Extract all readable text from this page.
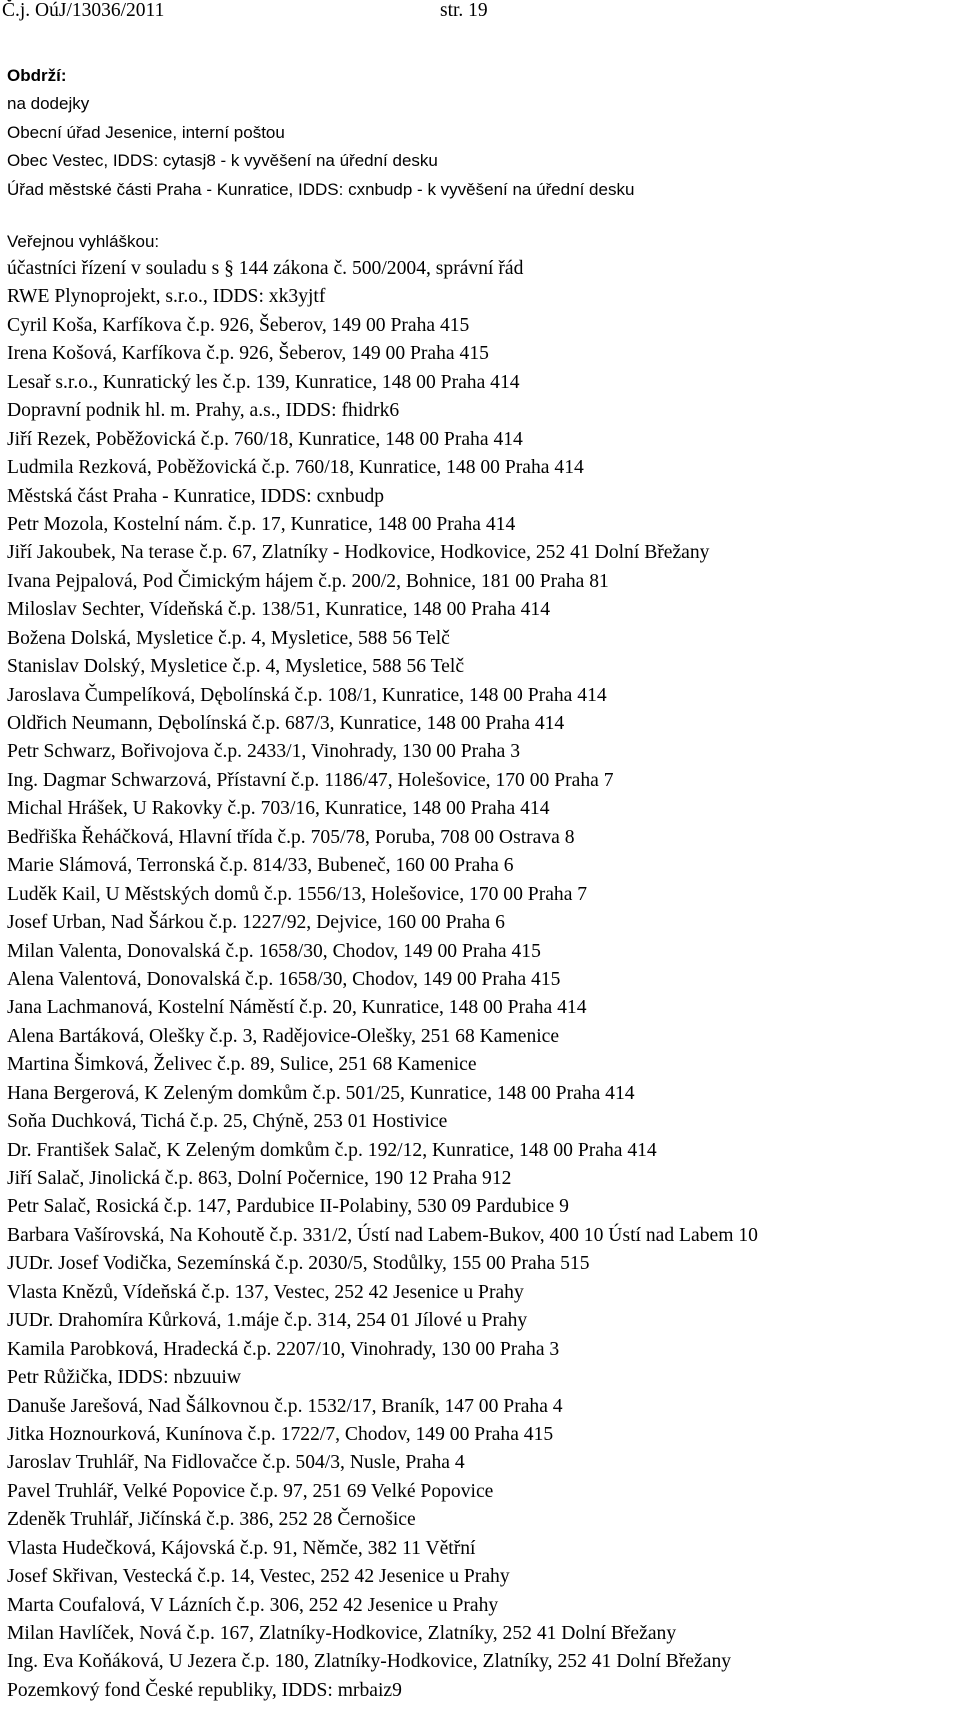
Č.j. OúJ/13036/2011	str. 19
Obdrží:
na dodejky
Obecní úřad Jesenice, interní poštou
Obec Vestec, IDDS: cytasj8 - k vyvěšení na úřední desku
Úřad městské části Praha - Kunratice, IDDS: cxnbudp - k vyvěšení na úřední desku
Veřejnou vyhláškou:
účastníci řízení v souladu s § 144 zákona č. 500/2004, správní řád
RWE Plynoprojekt, s.r.o., IDDS: xk3yjtf
Cyril Koša, Karfíkova č.p. 926, Šeberov, 149 00 Praha 415
Irena Košová, Karfíkova č.p. 926, Šeberov, 149 00 Praha 415
Lesař s.r.o., Kunratický les č.p. 139, Kunratice, 148 00 Praha 414
Dopravní podnik hl. m. Prahy, a.s., IDDS: fhidrk6
Jiří Rezek, Poběžovická č.p. 760/18, Kunratice, 148 00 Praha 414
Ludmila Rezková, Poběžovická č.p. 760/18, Kunratice, 148 00 Praha 414
Městská část Praha - Kunratice, IDDS: cxnbudp
Petr Mozola, Kostelní nám. č.p. 17, Kunratice, 148 00 Praha 414
Jiří Jakoubek, Na terase č.p. 67, Zlatníky - Hodkovice, Hodkovice, 252 41 Dolní Břežany
Ivana Pejpalová, Pod Čimickým hájem č.p. 200/2, Bohnice, 181 00 Praha 81
Miloslav Sechter, Vídeňská č.p. 138/51, Kunratice, 148 00 Praha 414
Božena Dolská, Mysletice č.p. 4, Mysletice, 588 56 Telč
Stanislav Dolský, Mysletice č.p. 4, Mysletice, 588 56 Telč
Jaroslava Čumpelíková, Dębolínská č.p. 108/1, Kunratice, 148 00 Praha 414
Oldřich Neumann, Dębolínská č.p. 687/3, Kunratice, 148 00 Praha 414
Petr Schwarz, Bořivojova č.p. 2433/1, Vinohrady, 130 00 Praha 3
Ing. Dagmar Schwarzová, Přístavní č.p. 1186/47, Holešovice, 170 00 Praha 7
Michal Hrášek, U Rakovky č.p. 703/16, Kunratice, 148 00 Praha 414
Bedřiška Řeháčková, Hlavní třída č.p. 705/78, Poruba, 708 00 Ostrava 8
Marie Slámová, Terronská č.p. 814/33, Bubeneč, 160 00 Praha 6
Luděk Kail, U Městských domů č.p. 1556/13, Holešovice, 170 00 Praha 7
Josef Urban, Nad Šárkou č.p. 1227/92, Dejvice, 160 00 Praha 6
Milan Valenta, Donovalská č.p. 1658/30, Chodov, 149 00 Praha 415
Alena Valentová, Donovalská č.p. 1658/30, Chodov, 149 00 Praha 415
Jana Lachmanová, Kostelní Náměstí č.p. 20, Kunratice, 148 00 Praha 414
Alena Bartáková, Olešky č.p. 3, Radějovice-Olešky, 251 68 Kamenice
Martina Šimková, Želivec č.p. 89, Sulice, 251 68 Kamenice
Hana Bergerová, K Zeleným domkům č.p. 501/25, Kunratice, 148 00 Praha 414
Soňa Duchková, Tichá č.p. 25, Chýně, 253 01 Hostivice
Dr. František Salač, K Zeleným domkům č.p. 192/12, Kunratice, 148 00 Praha 414
Jiří Salač, Jinolická č.p. 863, Dolní Počernice, 190 12 Praha 912
Petr Salač, Rosická č.p. 147, Pardubice II-Polabiny, 530 09 Pardubice 9
Barbara Vašírovská, Na Kohoutě č.p. 331/2, Ústí nad Labem-Bukov, 400 10 Ústí nad Labem 10
JUDr. Josef Vodička, Sezemínská č.p. 2030/5, Stodůlky, 155 00 Praha 515
Vlasta Knězů, Vídeňská č.p. 137, Vestec, 252 42 Jesenice u Prahy
JUDr. Drahomíra Kůrková, 1.máje č.p. 314, 254 01 Jílové u Prahy
Kamila Parobková, Hradecká č.p. 2207/10, Vinohrady, 130 00 Praha 3
Petr Růžička, IDDS: nbzuuiw
Danuše Jarešová, Nad Šálkovnou č.p. 1532/17, Braník, 147 00 Praha 4
Jitka Hoznourková, Kunínova č.p. 1722/7, Chodov, 149 00 Praha 415
Jaroslav Truhlář, Na Fidlovačce č.p. 504/3, Nusle, Praha 4
Pavel Truhlář, Velké Popovice č.p. 97, 251 69 Velké Popovice
Zdeněk Truhlář, Jičínská č.p. 386, 252 28 Černošice
Vlasta Hudečková, Kájovská č.p. 91, Němče, 382 11 Větřní
Josef Skřivan, Vestecká č.p. 14, Vestec, 252 42 Jesenice u Prahy
Marta Coufalová, V Lázních č.p. 306, 252 42 Jesenice u Prahy
Milan Havlíček, Nová č.p. 167, Zlatníky-Hodkovice, Zlatníky, 252 41 Dolní Břežany
Ing. Eva Koňáková, U Jezera č.p. 180, Zlatníky-Hodkovice, Zlatníky, 252 41 Dolní Břežany
Pozemkový fond České republiky, IDDS: mrbaiz9
